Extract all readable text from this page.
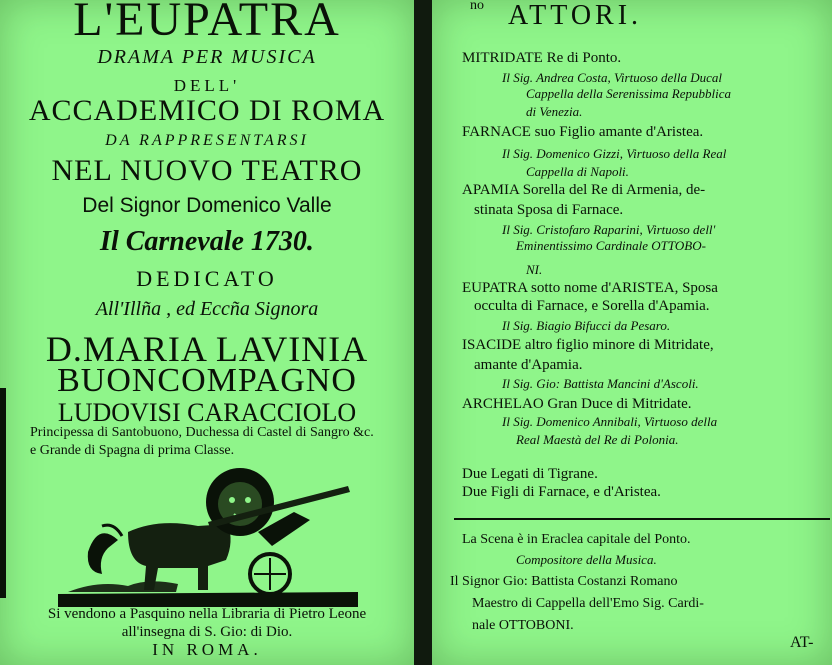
L'EUPATRA
DRAMA PER MUSICA
DELL'
ACCADEMICO DI ROMA
DA RAPPRESENTARSI
NEL NUOVO TEATRO
Del Signor Domenico Valle
Il Carnevale 1730.
DEDICATO
All'Illña , ed Eccña Signora
D.MARIA LAVINIA
BUONCOMPAGNO
LUDOVISI CARACCIOLO
Principessa di Santobuono, Duchessa di Castel di Sangro &c. e Grande di Spagna di prima Classe.
Si vendono a Pasquino nella Libraria di Pietro Leone
all'insegna di S. Gio: di Dio.
IN ROMA.
no ATTORI.
MITRIDATE Re di Ponto.
Il Sig. Andrea Costa, Virtuoso della Ducal
Cappella della Serenissima Repubblica
di Venezia.
FARNACE suo Figlio amante d'Aristea.
Il Sig. Domenico Gizzi, Virtuoso della Real
Cappella di Napoli.
APAMIA Sorella del Re di Armenia, de-
stinata Sposa di Farnace.
Il Sig. Cristofaro Raparini, Virtuoso dell'
Eminentissimo Cardinale OTTOBO-
NI.
EUPATRA sotto nome d'ARISTEA, Sposa
occulta di Farnace, e Sorella d'Apamia.
Il Sig. Biagio Bifucci da Pesaro.
ISACIDE altro figlio minore di Mitridate,
amante d'Apamia.
Il Sig. Gio: Battista Mancini d'Ascoli.
ARCHELAO Gran Duce di Mitridate.
Il Sig. Domenico Annibali, Virtuoso della
Real Maestà del Re di Polonia.
Due Legati di Tigrane.
Due Figli di Farnace, e d'Aristea.
La Scena è in Eraclea capitale del Ponto.
Compositore della Musica.
Il Signor Gio: Battista Costanzi Romano
Maestro di Cappella dell'Emo Sig. Cardi-
nale OTTOBONI.
AT-
